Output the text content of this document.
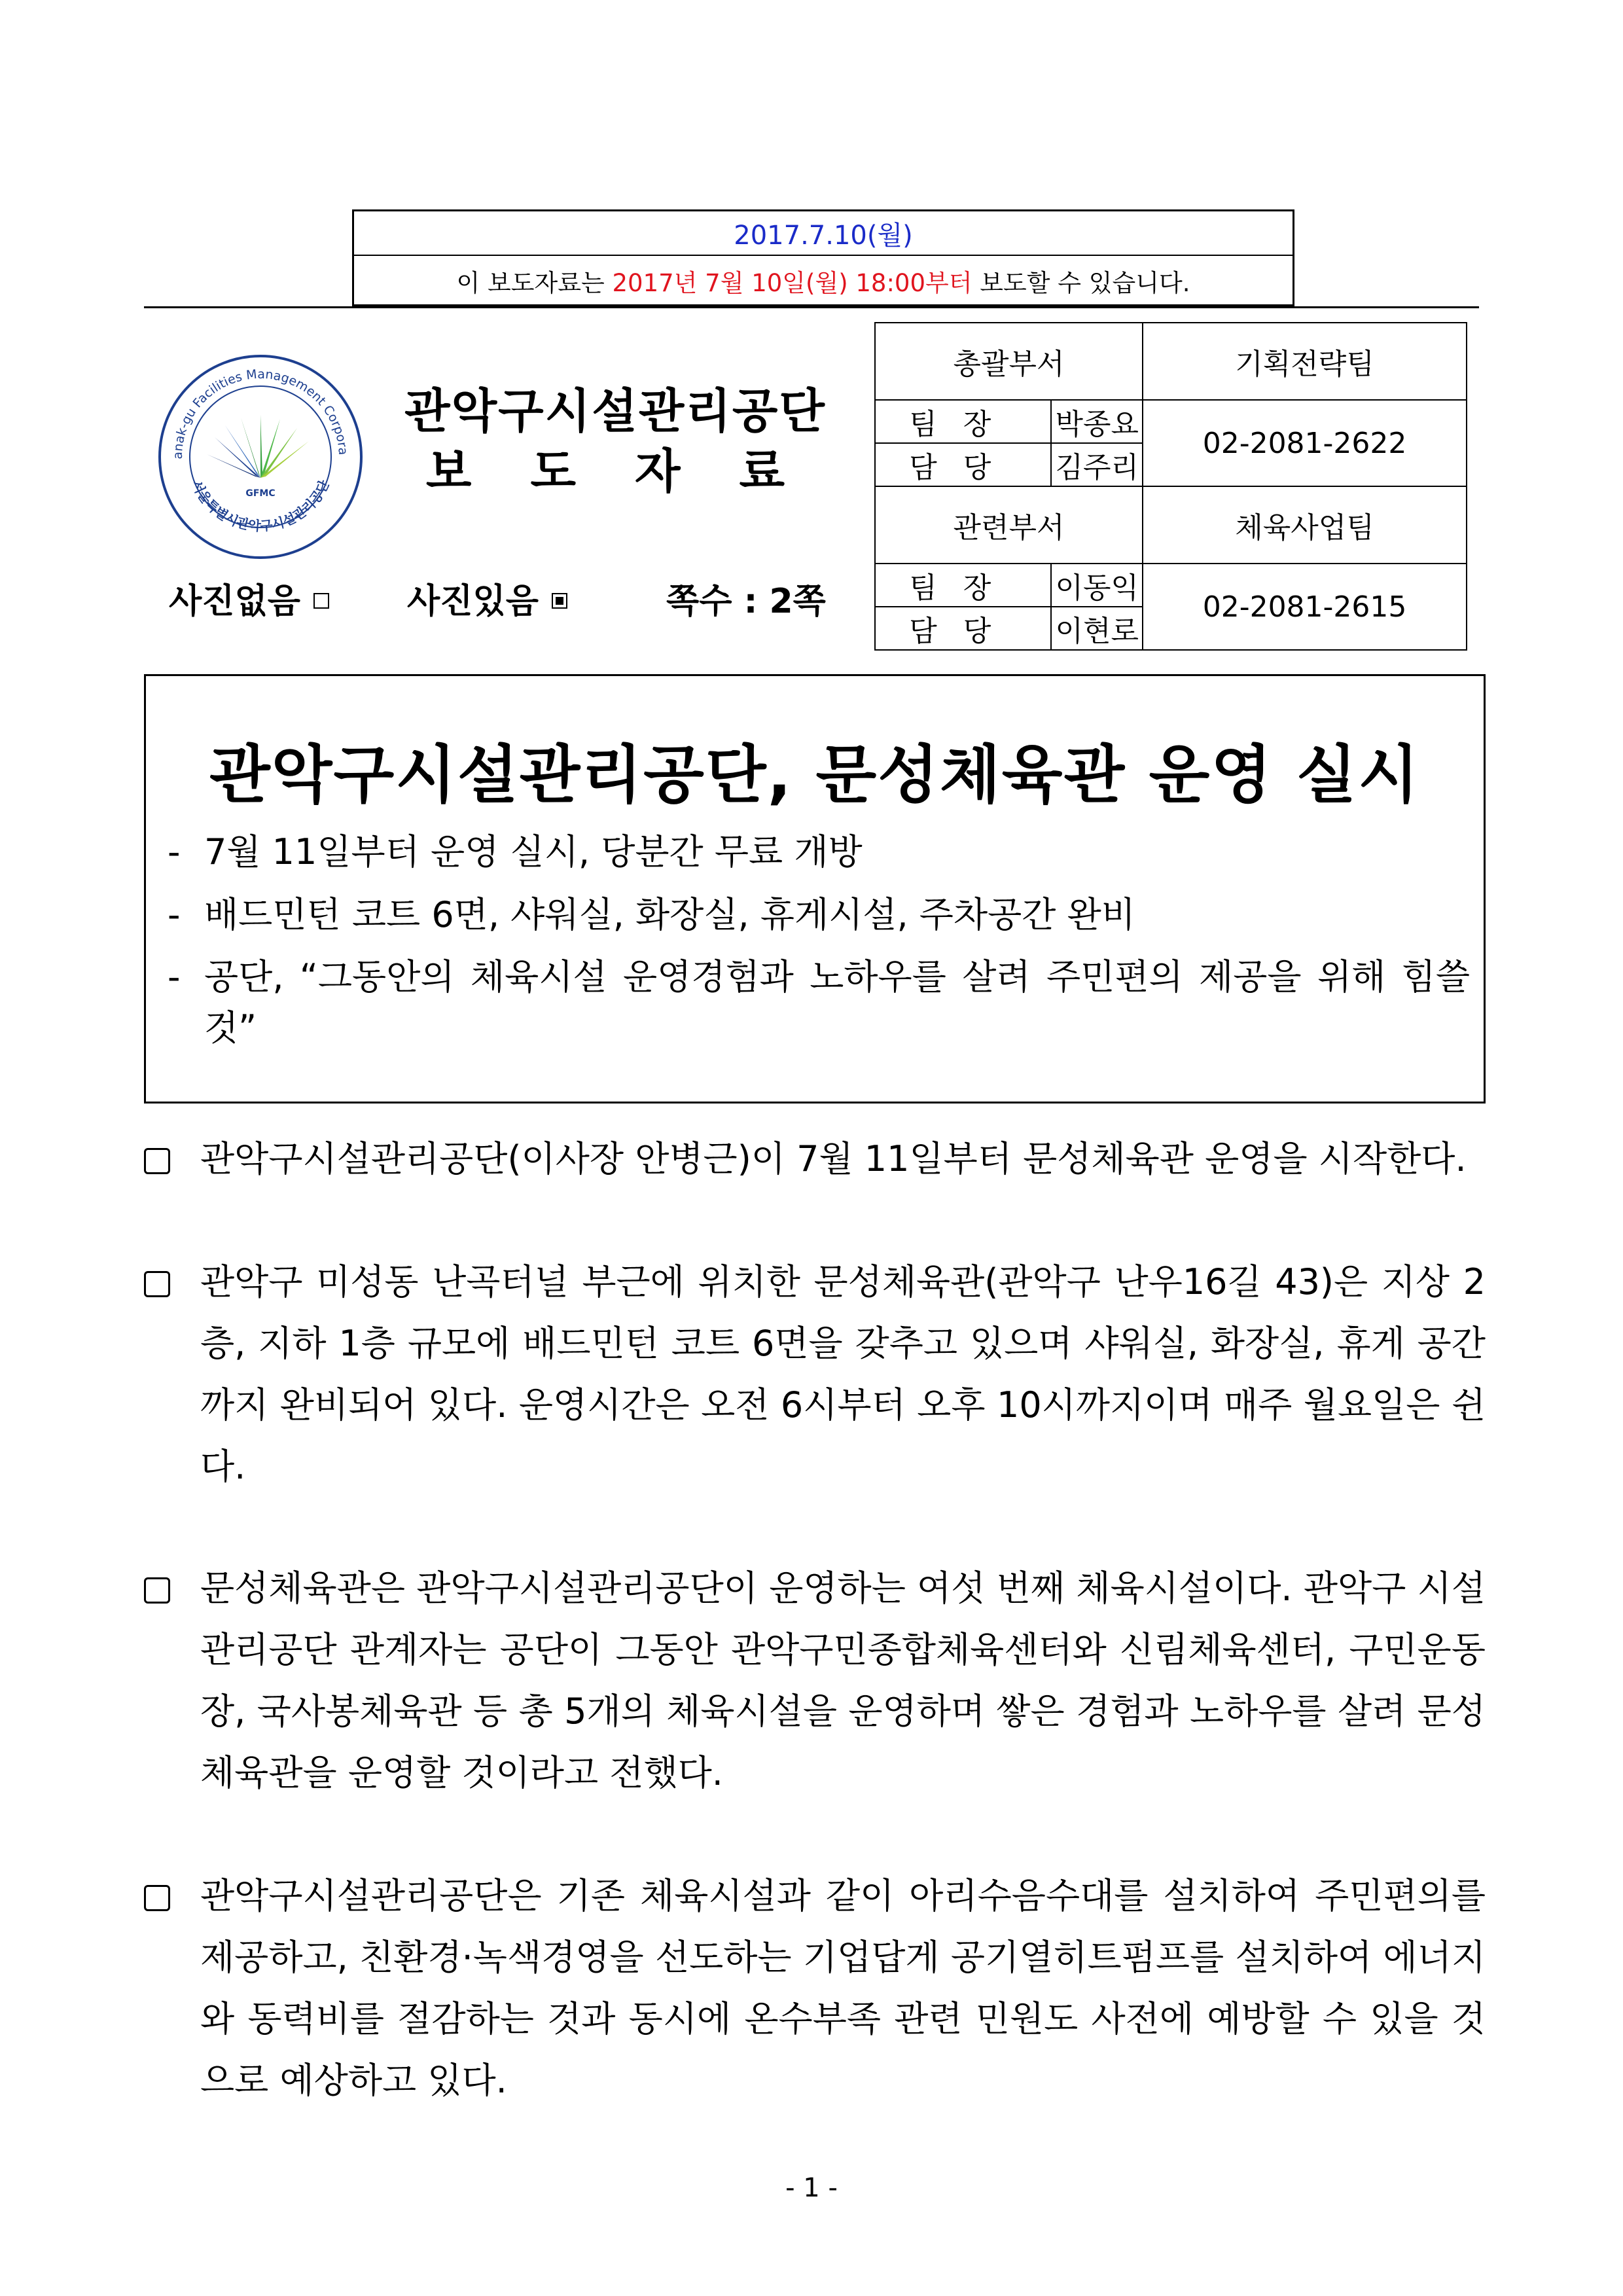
2017.7.10(월)
이 보도자료는 2017년 7월 10일(월) 18:00부터 보도할 수 있습니다.
anak-gu Facilities Management Corpora
서울특별시관악구시설관리공단
GFMC
관악구시설관리공단
보도자료
사진없음	사진있음	쪽수 : 2쪽
총괄부서		기획전략팀
팀장	박종요	02-2081-2622
담당	김주리	
관련부서		체육사업팀
팀장	이동익	02-2081-2615
담당	이현로	
관악구시설관리공단, 문성체육관 운영 실시
- 7월 11일부터 운영 실시, 당분간 무료 개방
- 배드민턴 코트 6면, 샤워실, 화장실, 휴게시설, 주차공간 완비
- 공단, “그동안의 체육시설 운영경험과 노하우를 살려 주민편의 제공을 위해 힘쓸 것”
관악구시설관리공단(이사장 안병근)이 7월 11일부터 문성체육관 운영을 시작한다.
관악구 미성동 난곡터널 부근에 위치한 문성체육관(관악구 난우16길 43)은 지상 2층, 지하 1층 규모에 배드민턴 코트 6면을 갖추고 있으며 샤워실, 화장실, 휴게 공간까지 완비되어 있다. 운영시간은 오전 6시부터 오후 10시까지이며 매주 월요일은 쉰다.
문성체육관은 관악구시설관리공단이 운영하는 여섯 번째 체육시설이다. 관악구 시설관리공단 관계자는 공단이 그동안 관악구민종합체육센터와 신림체육센터, 구민운동장, 국사봉체육관 등 총 5개의 체육시설을 운영하며 쌓은 경험과 노하우를 살려 문성체육관을 운영할 것이라고 전했다.
관악구시설관리공단은 기존 체육시설과 같이 아리수음수대를 설치하여 주민편의를 제공하고, 친환경·녹색경영을 선도하는 기업답게 공기열히트펌프를 설치하여 에너지와 동력비를 절감하는 것과 동시에 온수부족 관련 민원도 사전에 예방할 수 있을 것으로 예상하고 있다.
- 1 -
